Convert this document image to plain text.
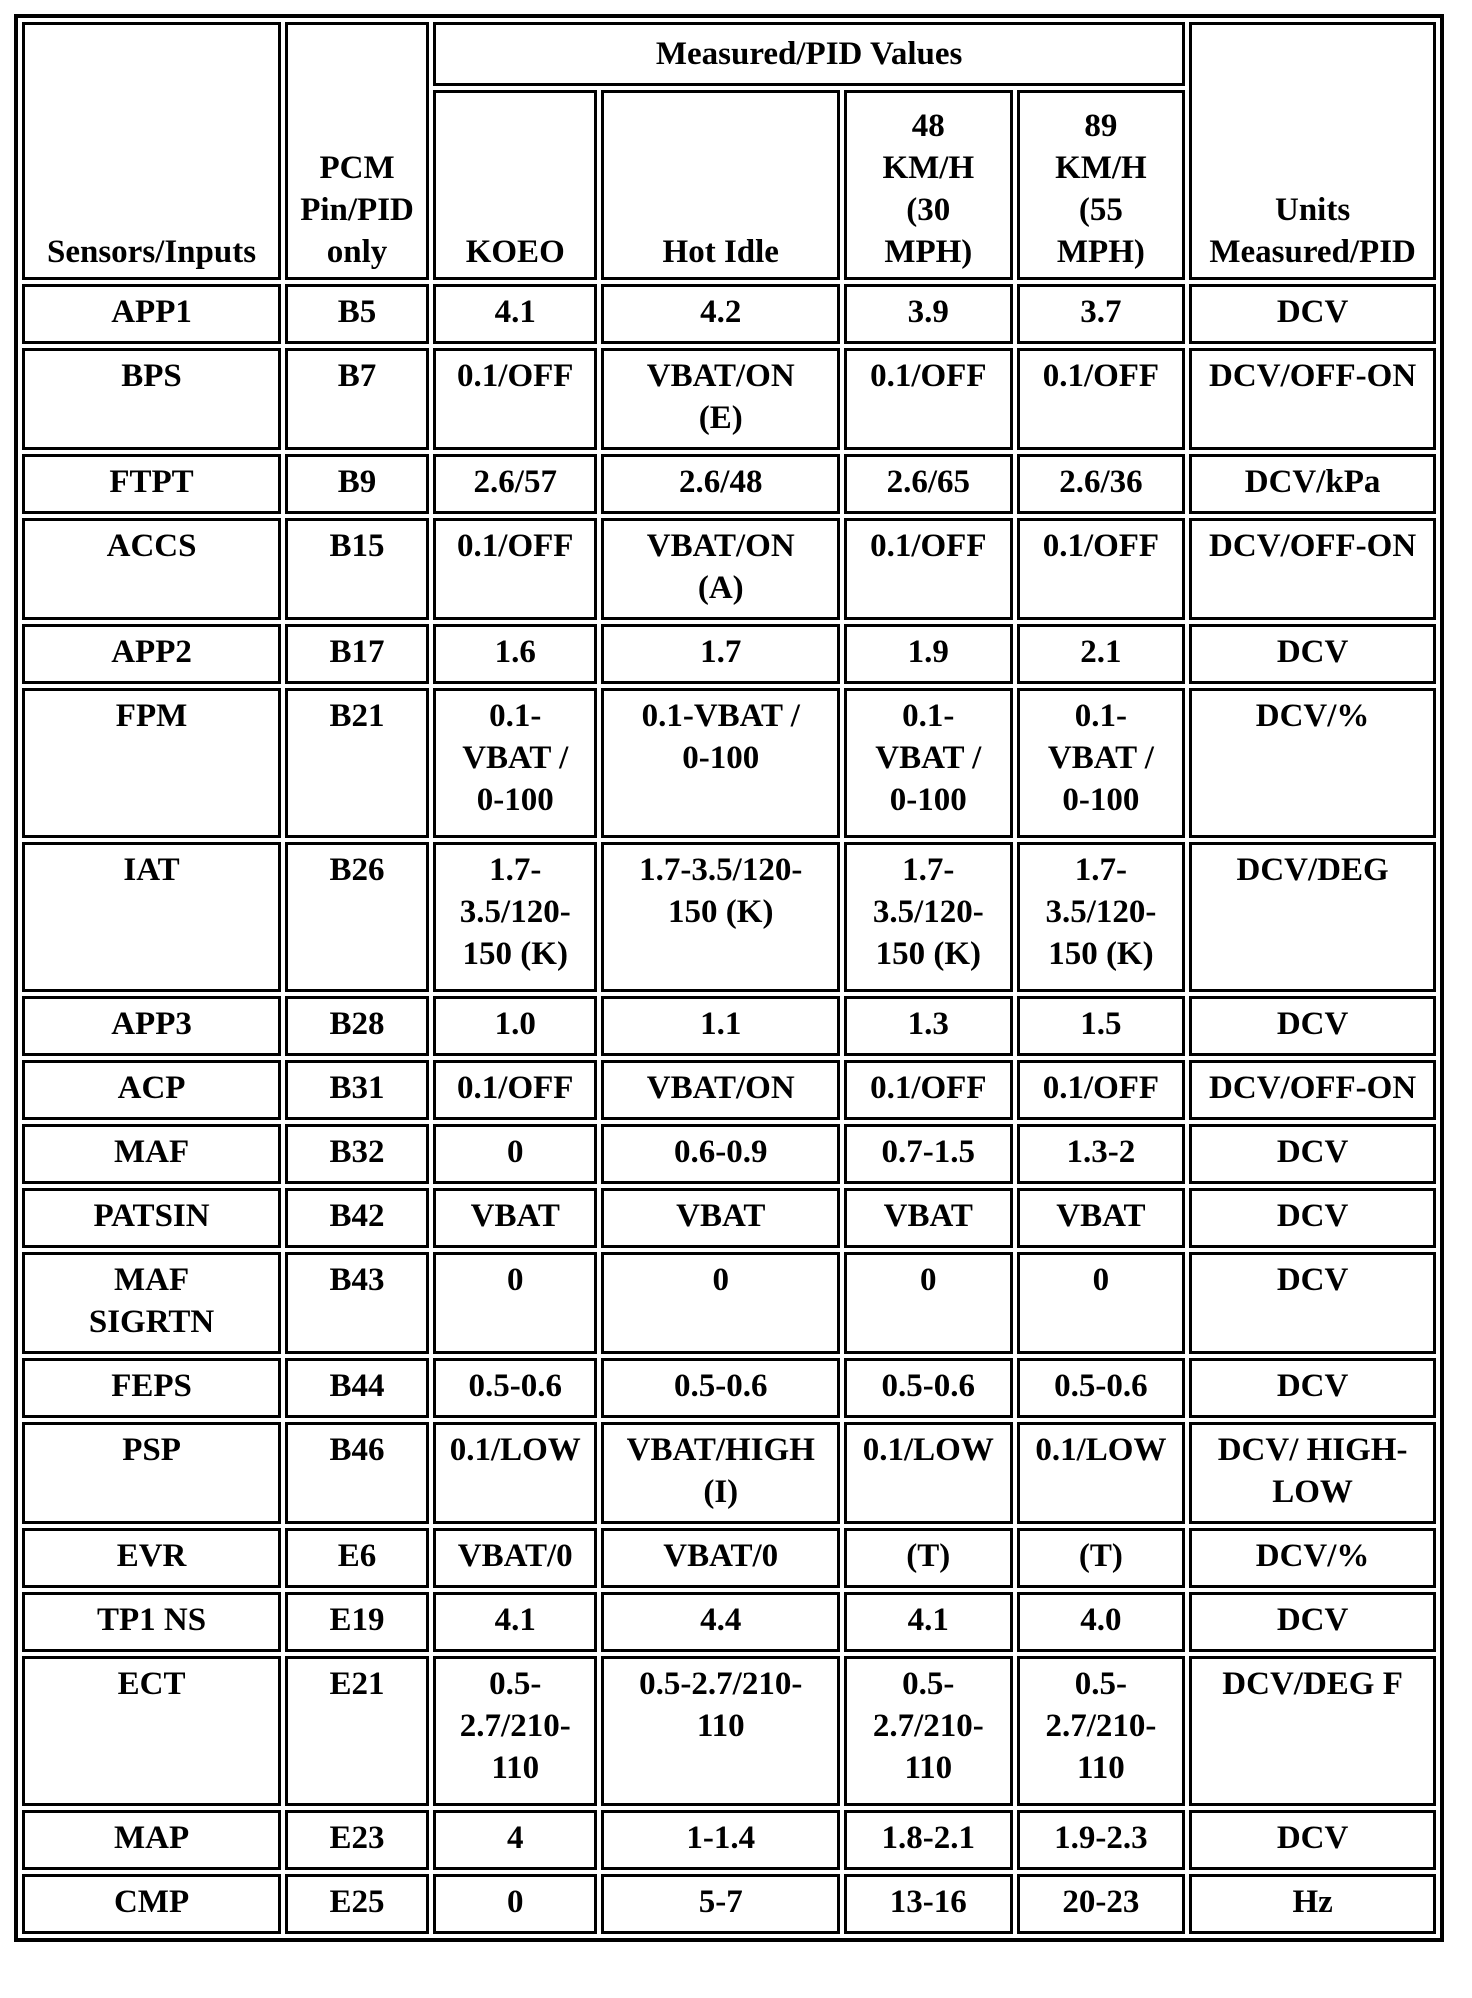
Sensors/Inputs	PCM
Pin/PID
only	Measured/PID Values				Units
Measured/PID
		KOEO	Hot Idle	48
KM/H
(30
MPH)	89
KM/H
(55
MPH)	
APP1	B5	4.1	4.2	3.9	3.7	DCV
BPS	B7	0.1/OFF	VBAT/ON
(E)	0.1/OFF	0.1/OFF	DCV/OFF-ON
FTPT	B9	2.6/57	2.6/48	2.6/65	2.6/36	DCV/kPa
ACCS	B15	0.1/OFF	VBAT/ON
(A)	0.1/OFF	0.1/OFF	DCV/OFF-ON
APP2	B17	1.6	1.7	1.9	2.1	DCV
FPM	B21	0.1-
VBAT /
0-100	0.1-VBAT /
0-100	0.1-
VBAT /
0-100	0.1-
VBAT /
0-100	DCV/%
IAT	B26	1.7-
3.5/120-
150 (K)	1.7-3.5/120-
150 (K)	1.7-
3.5/120-
150 (K)	1.7-
3.5/120-
150 (K)	DCV/DEG
APP3	B28	1.0	1.1	1.3	1.5	DCV
ACP	B31	0.1/OFF	VBAT/ON	0.1/OFF	0.1/OFF	DCV/OFF-ON
MAF	B32	0	0.6-0.9	0.7-1.5	1.3-2	DCV
PATSIN	B42	VBAT	VBAT	VBAT	VBAT	DCV
MAF
SIGRTN	B43	0	0	0	0	DCV
FEPS	B44	0.5-0.6	0.5-0.6	0.5-0.6	0.5-0.6	DCV
PSP	B46	0.1/LOW	VBAT/HIGH
(I)	0.1/LOW	0.1/LOW	DCV/ HIGH-
LOW
EVR	E6	VBAT/0	VBAT/0	(T)	(T)	DCV/%
TP1 NS	E19	4.1	4.4	4.1	4.0	DCV
ECT	E21	0.5-
2.7/210-
110	0.5-2.7/210-
110	0.5-
2.7/210-
110	0.5-
2.7/210-
110	DCV/DEG F
MAP	E23	4	1-1.4	1.8-2.1	1.9-2.3	DCV
CMP	E25	0	5-7	13-16	20-23	Hz
